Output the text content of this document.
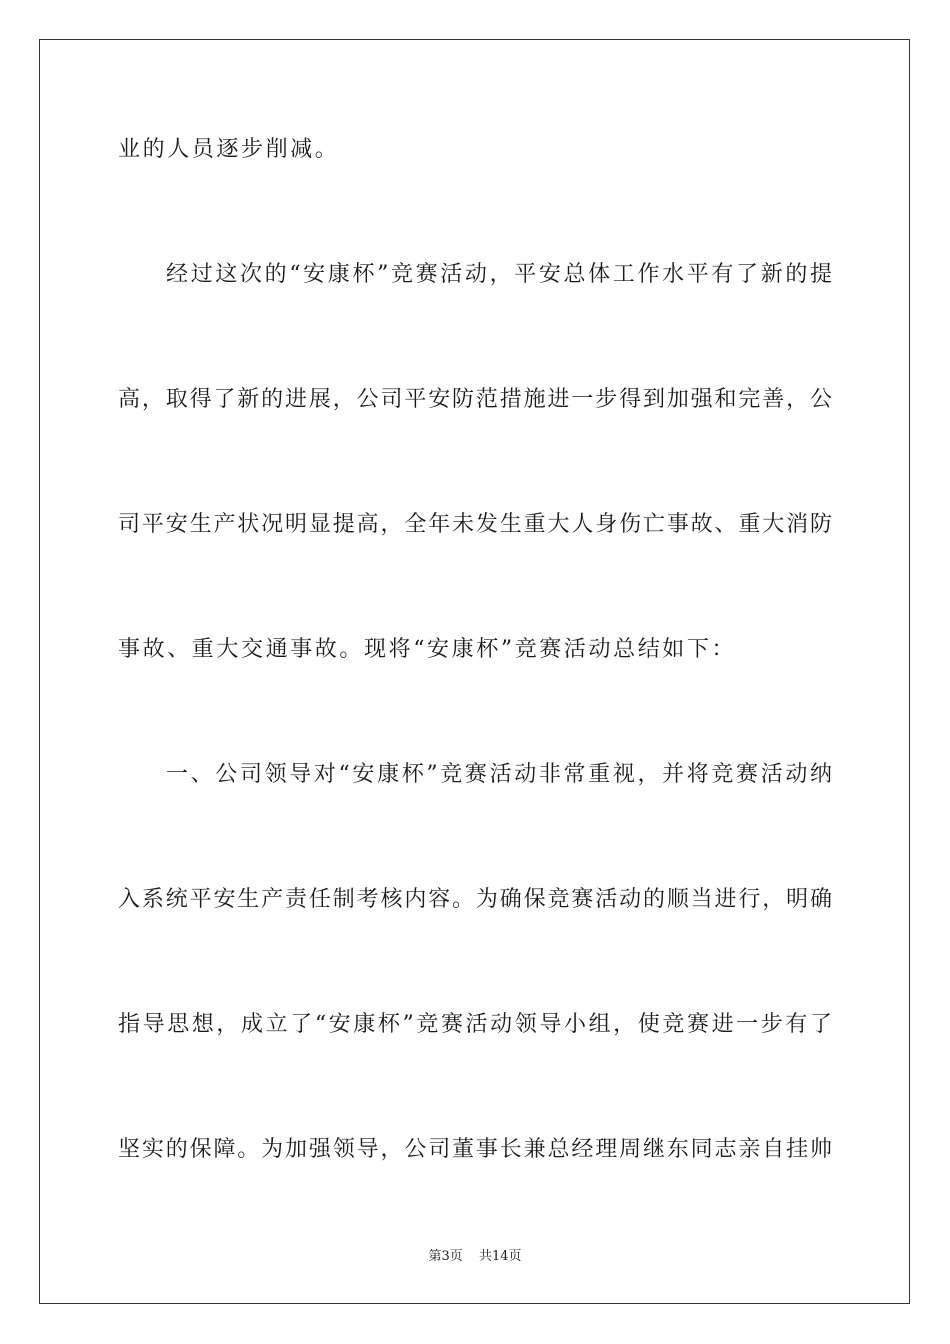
业的人员逐步削减。
经过这次的“安康杯”竞赛活动，平安总体工作水平有了新的提
高，取得了新的进展，公司平安防范措施进一步得到加强和完善，公
司平安生产状况明显提高，全年未发生重大人身伤亡事故、重大消防
事故、重大交通事故。现将“安康杯”竞赛活动总结如下：
一、公司领导对“安康杯”竞赛活动非常重视，并将竞赛活动纳
入系统平安生产责任制考核内容。为确保竞赛活动的顺当进行，明确
指导思想，成立了“安康杯”竞赛活动领导小组，使竞赛进一步有了
坚实的保障。为加强领导，公司董事长兼总经理周继东同志亲自挂帅
第3页 共14页
